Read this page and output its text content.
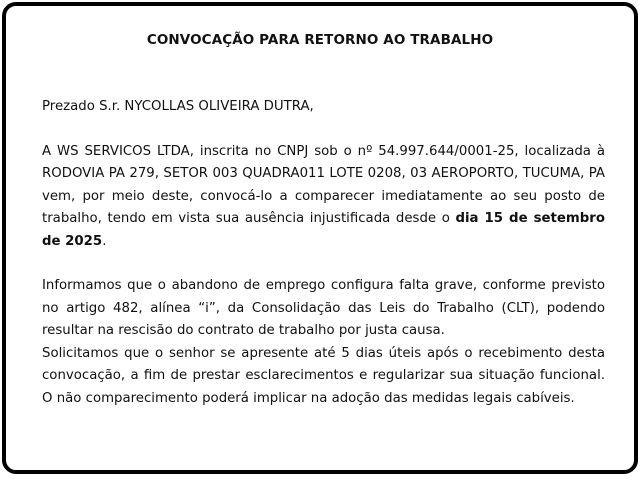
CONVOCAÇÃO PARA RETORNO AO TRABALHO

Prezado S.r. NYCOLLAS OLIVEIRA DUTRA,

A WS SERVICOS LTDA, inscrita no CNPJ sob o nº 54.997.644/0001-25, localizada à RODOVIA PA 279, SETOR 003 QUADRA011 LOTE 0208, 03 AEROPORTO, TUCUMA, PA vem, por meio deste, convocá-lo a comparecer imediatamente ao seu posto de trabalho, tendo em vista sua ausência injustificada desde o dia 15 de setembro de 2025.

Informamos que o abandono de emprego configura falta grave, conforme previsto no artigo 482, alínea “i”, da Consolidação das Leis do Trabalho (CLT), podendo resultar na rescisão do contrato de trabalho por justa causa.

Solicitamos que o senhor se apresente até 5 dias úteis após o recebimento desta convocação, a fim de prestar esclarecimentos e regularizar sua situação funcional. O não comparecimento poderá implicar na adoção das medidas legais cabíveis.
